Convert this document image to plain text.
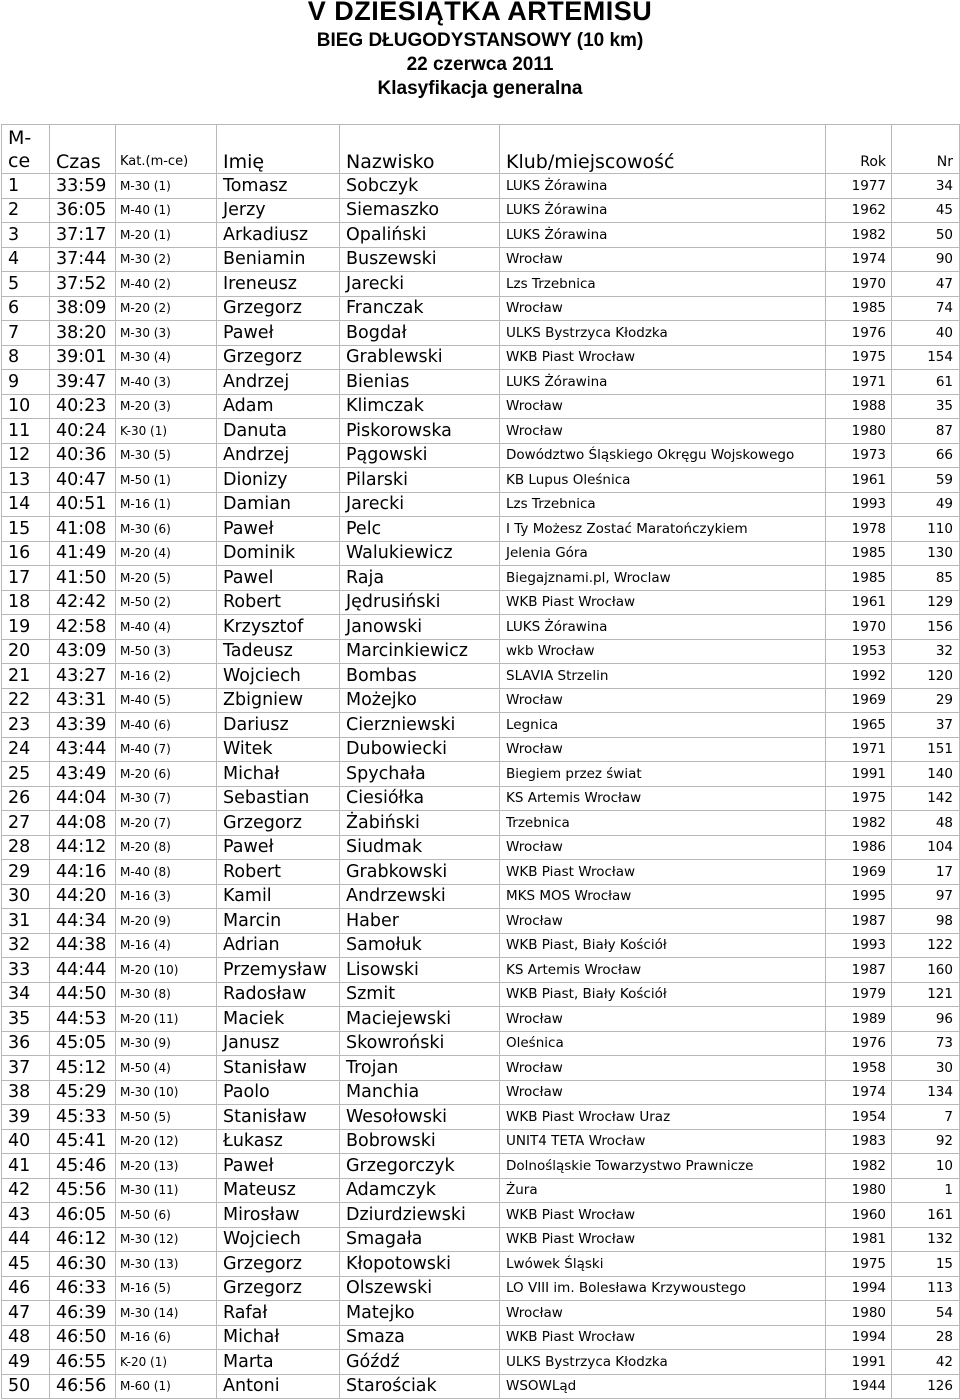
V DZIESIĄTKA ARTEMISU
BIEG DŁUGODYSTANSOWY (10 km)
22 czerwca 2011
Klasyfikacja generalna
M-
ce	Czas	Kat.(m-ce)	Imię	Nazwisko	Klub/miejscowość	Rok	Nr
1	33:59	M-30 (1)	Tomasz	Sobczyk	LUKS Żórawina	1977	34
2	36:05	M-40 (1)	Jerzy	Siemaszko	LUKS Żórawina	1962	45
3	37:17	M-20 (1)	Arkadiusz	Opaliński	LUKS Żórawina	1982	50
4	37:44	M-30 (2)	Beniamin	Buszewski	Wrocław	1974	90
5	37:52	M-40 (2)	Ireneusz	Jarecki	Lzs Trzebnica	1970	47
6	38:09	M-20 (2)	Grzegorz	Franczak	Wrocław	1985	74
7	38:20	M-30 (3)	Paweł	Bogdał	ULKS Bystrzyca Kłodzka	1976	40
8	39:01	M-30 (4)	Grzegorz	Grablewski	WKB Piast Wrocław	1975	154
9	39:47	M-40 (3)	Andrzej	Bienias	LUKS Żórawina	1971	61
10	40:23	M-20 (3)	Adam	Klimczak	Wrocław	1988	35
11	40:24	K-30 (1)	Danuta	Piskorowska	Wrocław	1980	87
12	40:36	M-30 (5)	Andrzej	Pągowski	Dowództwo Śląskiego Okręgu Wojskowego	1973	66
13	40:47	M-50 (1)	Dionizy	Pilarski	KB Lupus Oleśnica	1961	59
14	40:51	M-16 (1)	Damian	Jarecki	Lzs Trzebnica	1993	49
15	41:08	M-30 (6)	Paweł	Pelc	I Ty Możesz Zostać Maratończykiem	1978	110
16	41:49	M-20 (4)	Dominik	Walukiewicz	Jelenia Góra	1985	130
17	41:50	M-20 (5)	Pawel	Raja	Biegajznami.pl, Wroclaw	1985	85
18	42:42	M-50 (2)	Robert	Jędrusiński	WKB Piast Wrocław	1961	129
19	42:58	M-40 (4)	Krzysztof	Janowski	LUKS Żórawina	1970	156
20	43:09	M-50 (3)	Tadeusz	Marcinkiewicz	wkb Wrocław	1953	32
21	43:27	M-16 (2)	Wojciech	Bombas	SLAVIA Strzelin	1992	120
22	43:31	M-40 (5)	Zbigniew	Możejko	Wrocław	1969	29
23	43:39	M-40 (6)	Dariusz	Cierzniewski	Legnica	1965	37
24	43:44	M-40 (7)	Witek	Dubowiecki	Wrocław	1971	151
25	43:49	M-20 (6)	Michał	Spychała	Biegiem przez świat	1991	140
26	44:04	M-30 (7)	Sebastian	Ciesiółka	KS Artemis Wrocław	1975	142
27	44:08	M-20 (7)	Grzegorz	Żabiński	Trzebnica	1982	48
28	44:12	M-20 (8)	Paweł	Siudmak	Wrocław	1986	104
29	44:16	M-40 (8)	Robert	Grabkowski	WKB Piast Wrocław	1969	17
30	44:20	M-16 (3)	Kamil	Andrzewski	MKS MOS Wrocław	1995	97
31	44:34	M-20 (9)	Marcin	Haber	Wrocław	1987	98
32	44:38	M-16 (4)	Adrian	Samołuk	WKB Piast, Biały Kościół	1993	122
33	44:44	M-20 (10)	Przemysław	Lisowski	KS Artemis Wrocław	1987	160
34	44:50	M-30 (8)	Radosław	Szmit	WKB Piast, Biały Kościół	1979	121
35	44:53	M-20 (11)	Maciek	Maciejewski	Wrocław	1989	96
36	45:05	M-30 (9)	Janusz	Skowroński	Oleśnica	1976	73
37	45:12	M-50 (4)	Stanisław	Trojan	Wrocław	1958	30
38	45:29	M-30 (10)	Paolo	Manchia	Wrocław	1974	134
39	45:33	M-50 (5)	Stanisław	Wesołowski	WKB Piast Wrocław Uraz	1954	7
40	45:41	M-20 (12)	Łukasz	Bobrowski	UNIT4 TETA Wrocław	1983	92
41	45:46	M-20 (13)	Paweł	Grzegorczyk	Dolnośląskie Towarzystwo Prawnicze	1982	10
42	45:56	M-30 (11)	Mateusz	Adamczyk	Żura	1980	1
43	46:05	M-50 (6)	Mirosław	Dziurdziewski	WKB Piast Wrocław	1960	161
44	46:12	M-30 (12)	Wojciech	Smagała	WKB Piast Wrocław	1981	132
45	46:30	M-30 (13)	Grzegorz	Kłopotowski	Lwówek Śląski	1975	15
46	46:33	M-16 (5)	Grzegorz	Olszewski	LO VIII im. Bolesława Krzywoustego	1994	113
47	46:39	M-30 (14)	Rafał	Matejko	Wrocław	1980	54
48	46:50	M-16 (6)	Michał	Smaza	WKB Piast Wrocław	1994	28
49	46:55	K-20 (1)	Marta	Góźdź	ULKS Bystrzyca Kłodzka	1991	42
50	46:56	M-60 (1)	Antoni	Starościak	WSOWLąd	1944	126
